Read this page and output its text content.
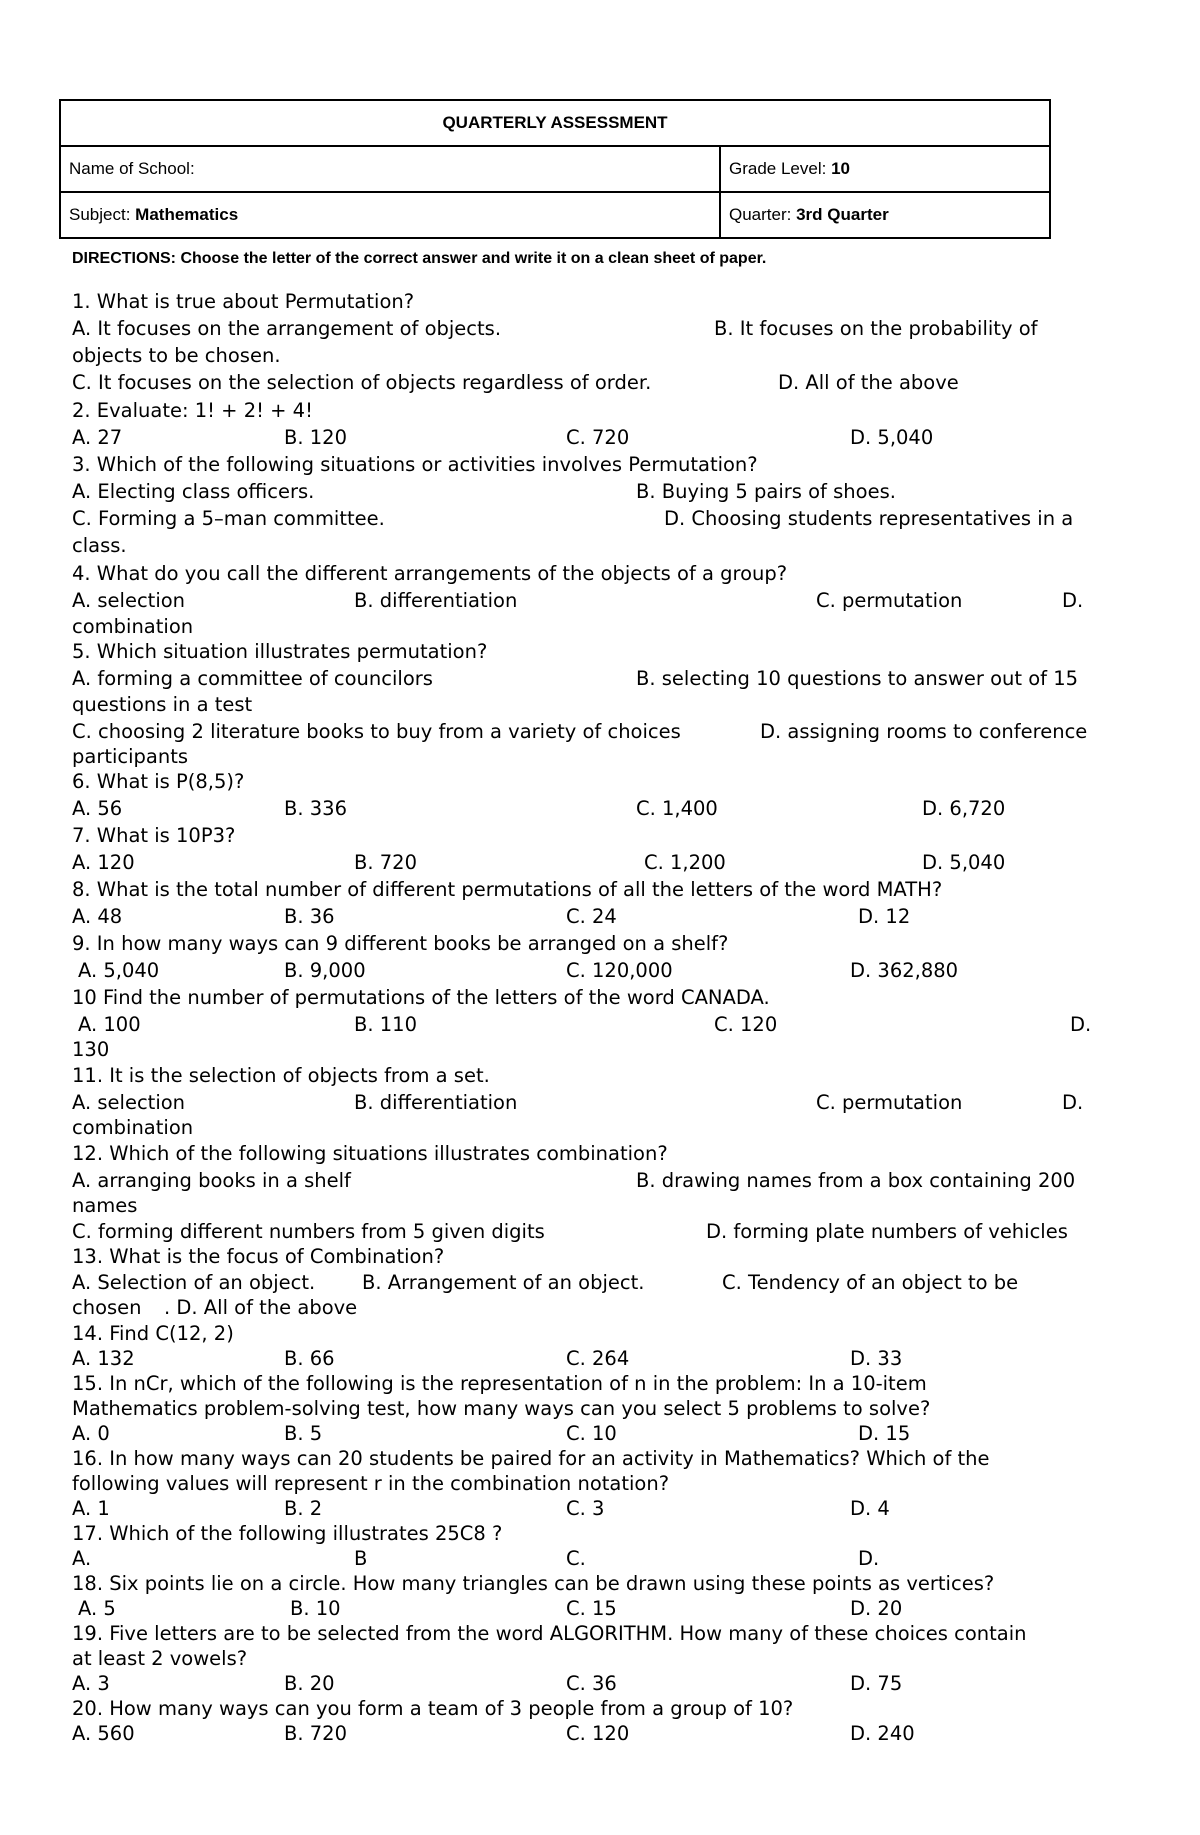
QUARTERLY ASSESSMENT	
Name of School:	Grade Level: 10
Subject: Mathematics	Quarter: 3rd Quarter
DIRECTIONS: Choose the letter of the correct answer and write it on a clean sheet of paper.
1. What is true about Permutation?
A. It focuses on the arrangement of objects.	B. It focuses on the probability of
objects to be chosen.
C. It focuses on the selection of objects regardless of order.	D. All of the above
2. Evaluate: 1! + 2! + 4!
A. 27	B. 120	C. 720	D. 5,040
3. Which of the following situations or activities involves Permutation?
A. Electing class officers.	B. Buying 5 pairs of shoes.
C. Forming a 5–man committee.	D. Choosing students representatives in a
class.
4. What do you call the different arrangements of the objects of a group?
A. selection	B. differentiation	C. permutation	D.
combination
5. Which situation illustrates permutation?
A. forming a committee of councilors	B. selecting 10 questions to answer out of 15
questions in a test
C. choosing 2 literature books to buy from a variety of choices	D. assigning rooms to conference
participants
6. What is P(8,5)?
A. 56	B. 336	C. 1,400	D. 6,720
7. What is 10P3?
A. 120	B. 720	C. 1,200	D. 5,040
8. What is the total number of different permutations of all the letters of the word MATH?
A. 48	B. 36	C. 24	D. 12
9. In how many ways can 9 different books be arranged on a shelf?
A. 5,040	B. 9,000	C. 120,000	D. 362,880
10 Find the number of permutations of the letters of the word CANADA.
A. 100	B. 110	C. 120	D.
130
11. It is the selection of objects from a set.
A. selection	B. differentiation	C. permutation	D.
combination
12. Which of the following situations illustrates combination?
A. arranging books in a shelf	B. drawing names from a box containing 200
names
C. forming different numbers from 5 given digits	D. forming plate numbers of vehicles
13. What is the focus of Combination?
A. Selection of an object. B. Arrangement of an object.	C. Tendency of an object to be
chosen . D. All of the above
14. Find C(12, 2)
A. 132	B. 66	C. 264	D. 33
15. In nCr, which of the following is the representation of n in the problem: In a 10-item
Mathematics problem-solving test, how many ways can you select 5 problems to solve?
A. 0	B. 5	C. 10	D. 15
16. In how many ways can 20 students be paired for an activity in Mathematics? Which of the
following values will represent r in the combination notation?
A. 1	B. 2	C. 3	D. 4
17. Which of the following illustrates 25C8 ?
A.	B	C.	D.
18. Six points lie on a circle. How many triangles can be drawn using these points as vertices?
A. 5	B. 10	C. 15	D. 20
19. Five letters are to be selected from the word ALGORITHM. How many of these choices contain
at least 2 vowels?
A. 3	B. 20	C. 36	D. 75
20. How many ways can you form a team of 3 people from a group of 10?
A. 560	B. 720	C. 120	D. 240
